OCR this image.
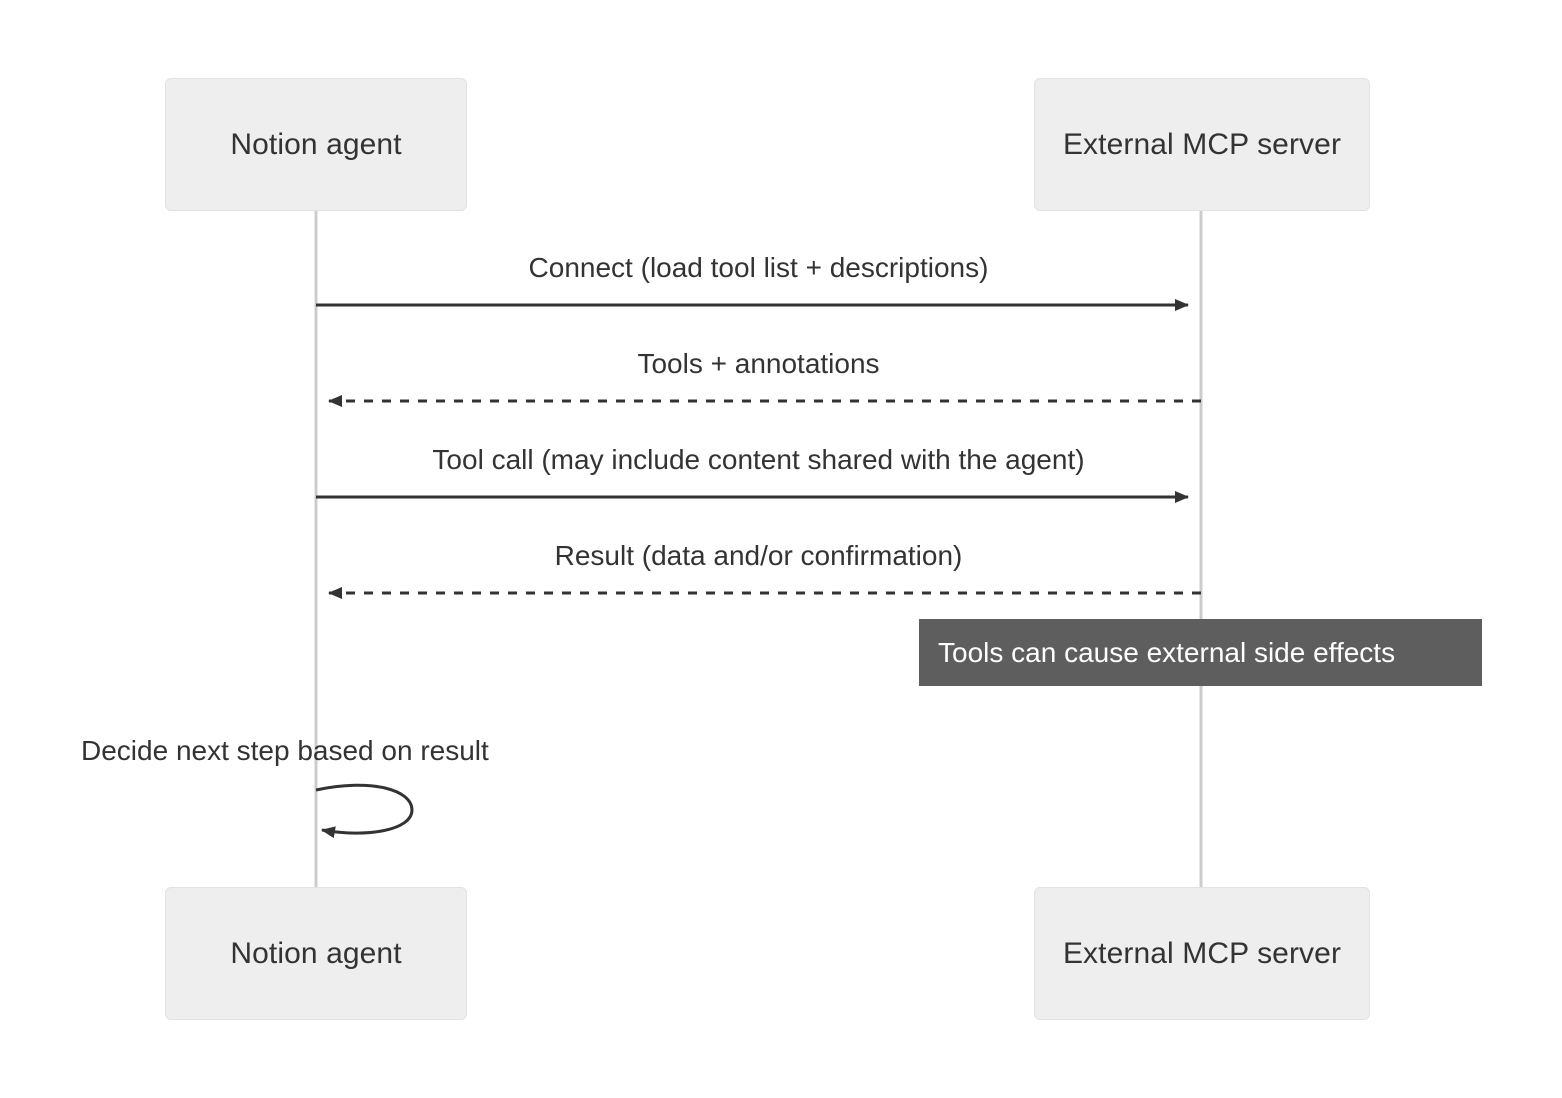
Notion agent	External MCP server
Notion agent	External MCP server
Connect (load tool list + descriptions)
Tools + annotations
Tool call (may include content shared with the agent)
Result (data and/or confirmation)
Tools can cause external side effects
Decide next step based on result
